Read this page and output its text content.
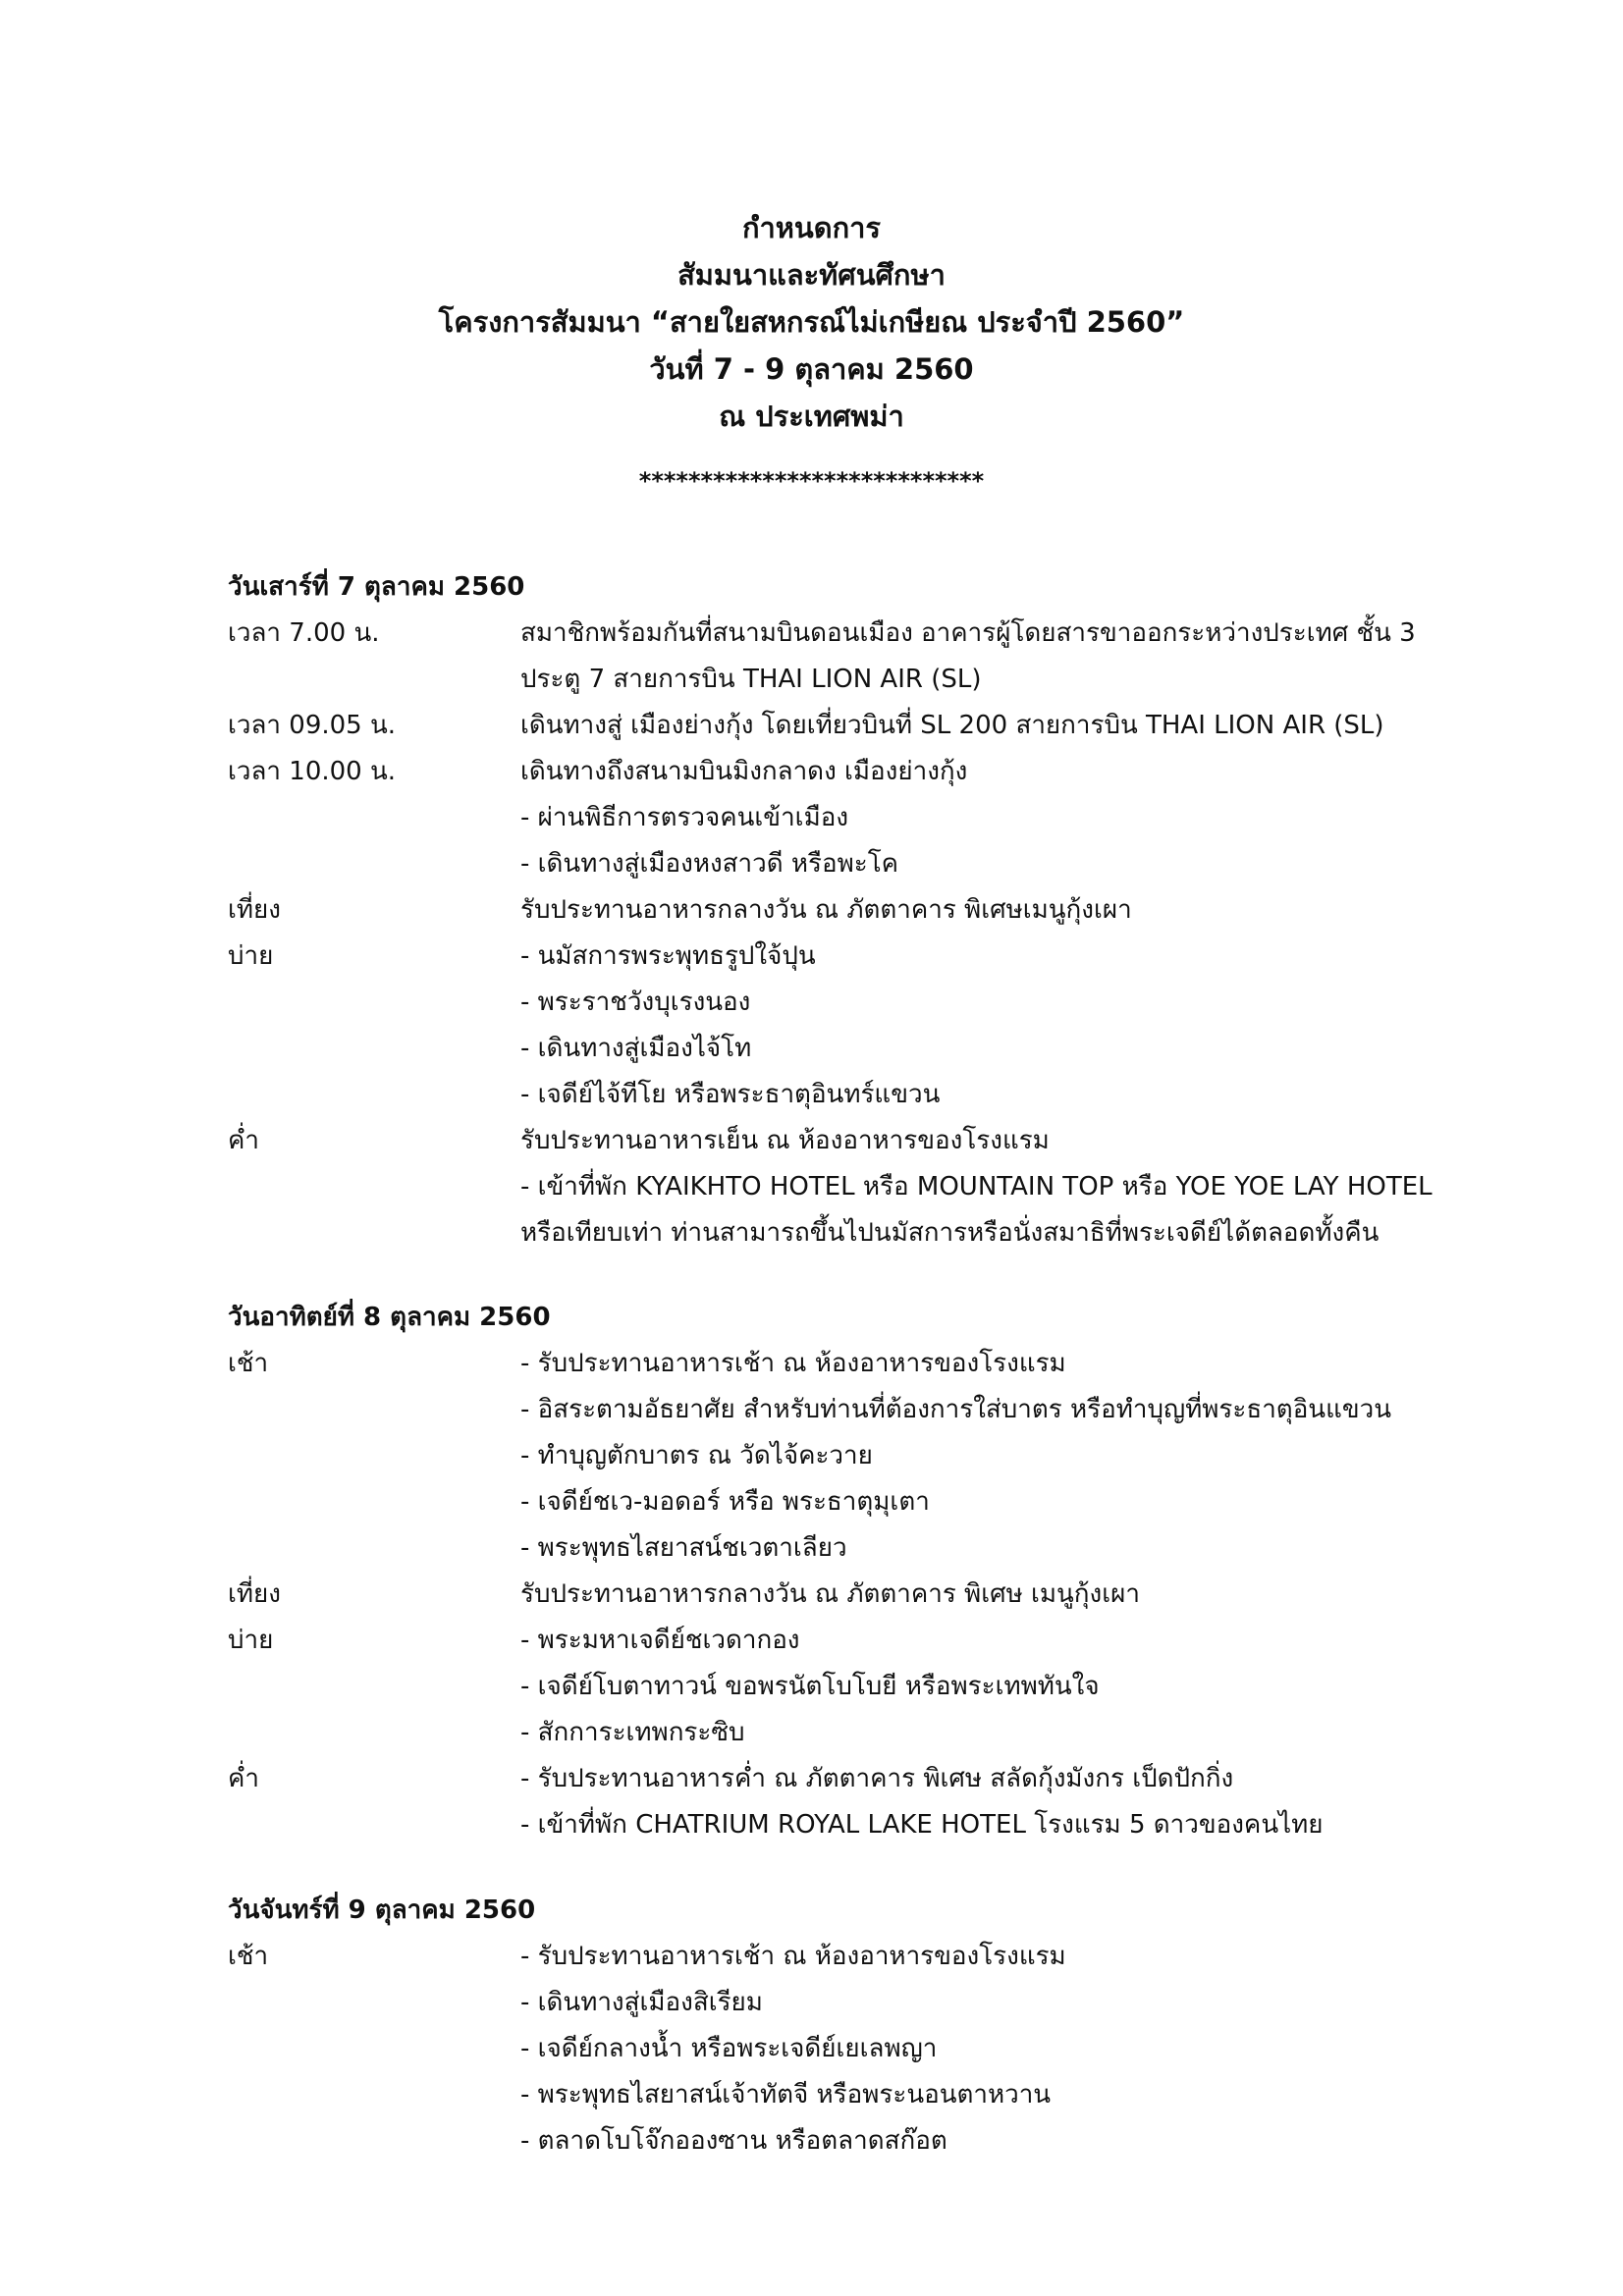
กำหนดการ
สัมมนาและทัศนศึกษา
โครงการสัมมนา “สายใยสหกรณ์ไม่เกษียณ ประจำปี 2560”
วันที่ 7 - 9 ตุลาคม 2560
ณ ประเทศพม่า
****************************
วันเสาร์ที่ 7 ตุลาคม 2560
เวลา 7.00 น.	สมาชิกพร้อมกันที่สนามบินดอนเมือง อาคารผู้โดยสารขาออกระหว่างประเทศ ชั้น 3
ประตู 7 สายการบิน THAI LION AIR (SL)
เวลา 09.05 น.	เดินทางสู่ เมืองย่างกุ้ง โดยเที่ยวบินที่ SL 200 สายการบิน THAI LION AIR (SL)
เวลา 10.00 น.	เดินทางถึงสนามบินมิงกลาดง เมืองย่างกุ้ง
- ผ่านพิธีการตรวจคนเข้าเมือง
- เดินทางสู่เมืองหงสาวดี หรือพะโค
เที่ยง	รับประทานอาหารกลางวัน ณ ภัตตาคาร พิเศษเมนูกุ้งเผา
บ่าย	- นมัสการพระพุทธรูปใจ้ปุน
- พระราชวังบุเรงนอง
- เดินทางสู่เมืองไจ้โท
- เจดีย์ไจ้ทีโย หรือพระธาตุอินทร์แขวน
ค่ำ	รับประทานอาหารเย็น ณ ห้องอาหารของโรงแรม
- เข้าที่พัก KYAIKHTO HOTEL หรือ MOUNTAIN TOP หรือ YOE YOE LAY HOTEL
หรือเทียบเท่า ท่านสามารถขึ้นไปนมัสการหรือนั่งสมาธิที่พระเจดีย์ได้ตลอดทั้งคืน
วันอาทิตย์ที่ 8 ตุลาคม 2560
เช้า	- รับประทานอาหารเช้า ณ ห้องอาหารของโรงแรม
- อิสระตามอัธยาศัย สำหรับท่านที่ต้องการใส่บาตร หรือทำบุญที่พระธาตุอินแขวน
- ทำบุญตักบาตร ณ วัดไจ้คะวาย
- เจดีย์ชเว-มอดอร์ หรือ พระธาตุมุเตา
- พระพุทธไสยาสน์ชเวตาเลียว
เที่ยง	รับประทานอาหารกลางวัน ณ ภัตตาคาร พิเศษ เมนูกุ้งเผา
บ่าย	- พระมหาเจดีย์ชเวดากอง
- เจดีย์โบตาทาวน์ ขอพรนัตโบโบยี หรือพระเทพทันใจ
- สักการะเทพกระซิบ
ค่ำ	- รับประทานอาหารค่ำ ณ ภัตตาคาร พิเศษ สลัดกุ้งมังกร เป็ดปักกิ่ง
- เข้าที่พัก CHATRIUM ROYAL LAKE HOTEL โรงแรม 5 ดาวของคนไทย
วันจันทร์ที่ 9 ตุลาคม 2560
เช้า	- รับประทานอาหารเช้า ณ ห้องอาหารของโรงแรม
- เดินทางสู่เมืองสิเรียม
- เจดีย์กลางน้ำ หรือพระเจดีย์เยเลพญา
- พระพุทธไสยาสน์เจ้าทัตจี หรือพระนอนตาหวาน
- ตลาดโบโจ๊กอองซาน หรือตลาดสก๊อต
